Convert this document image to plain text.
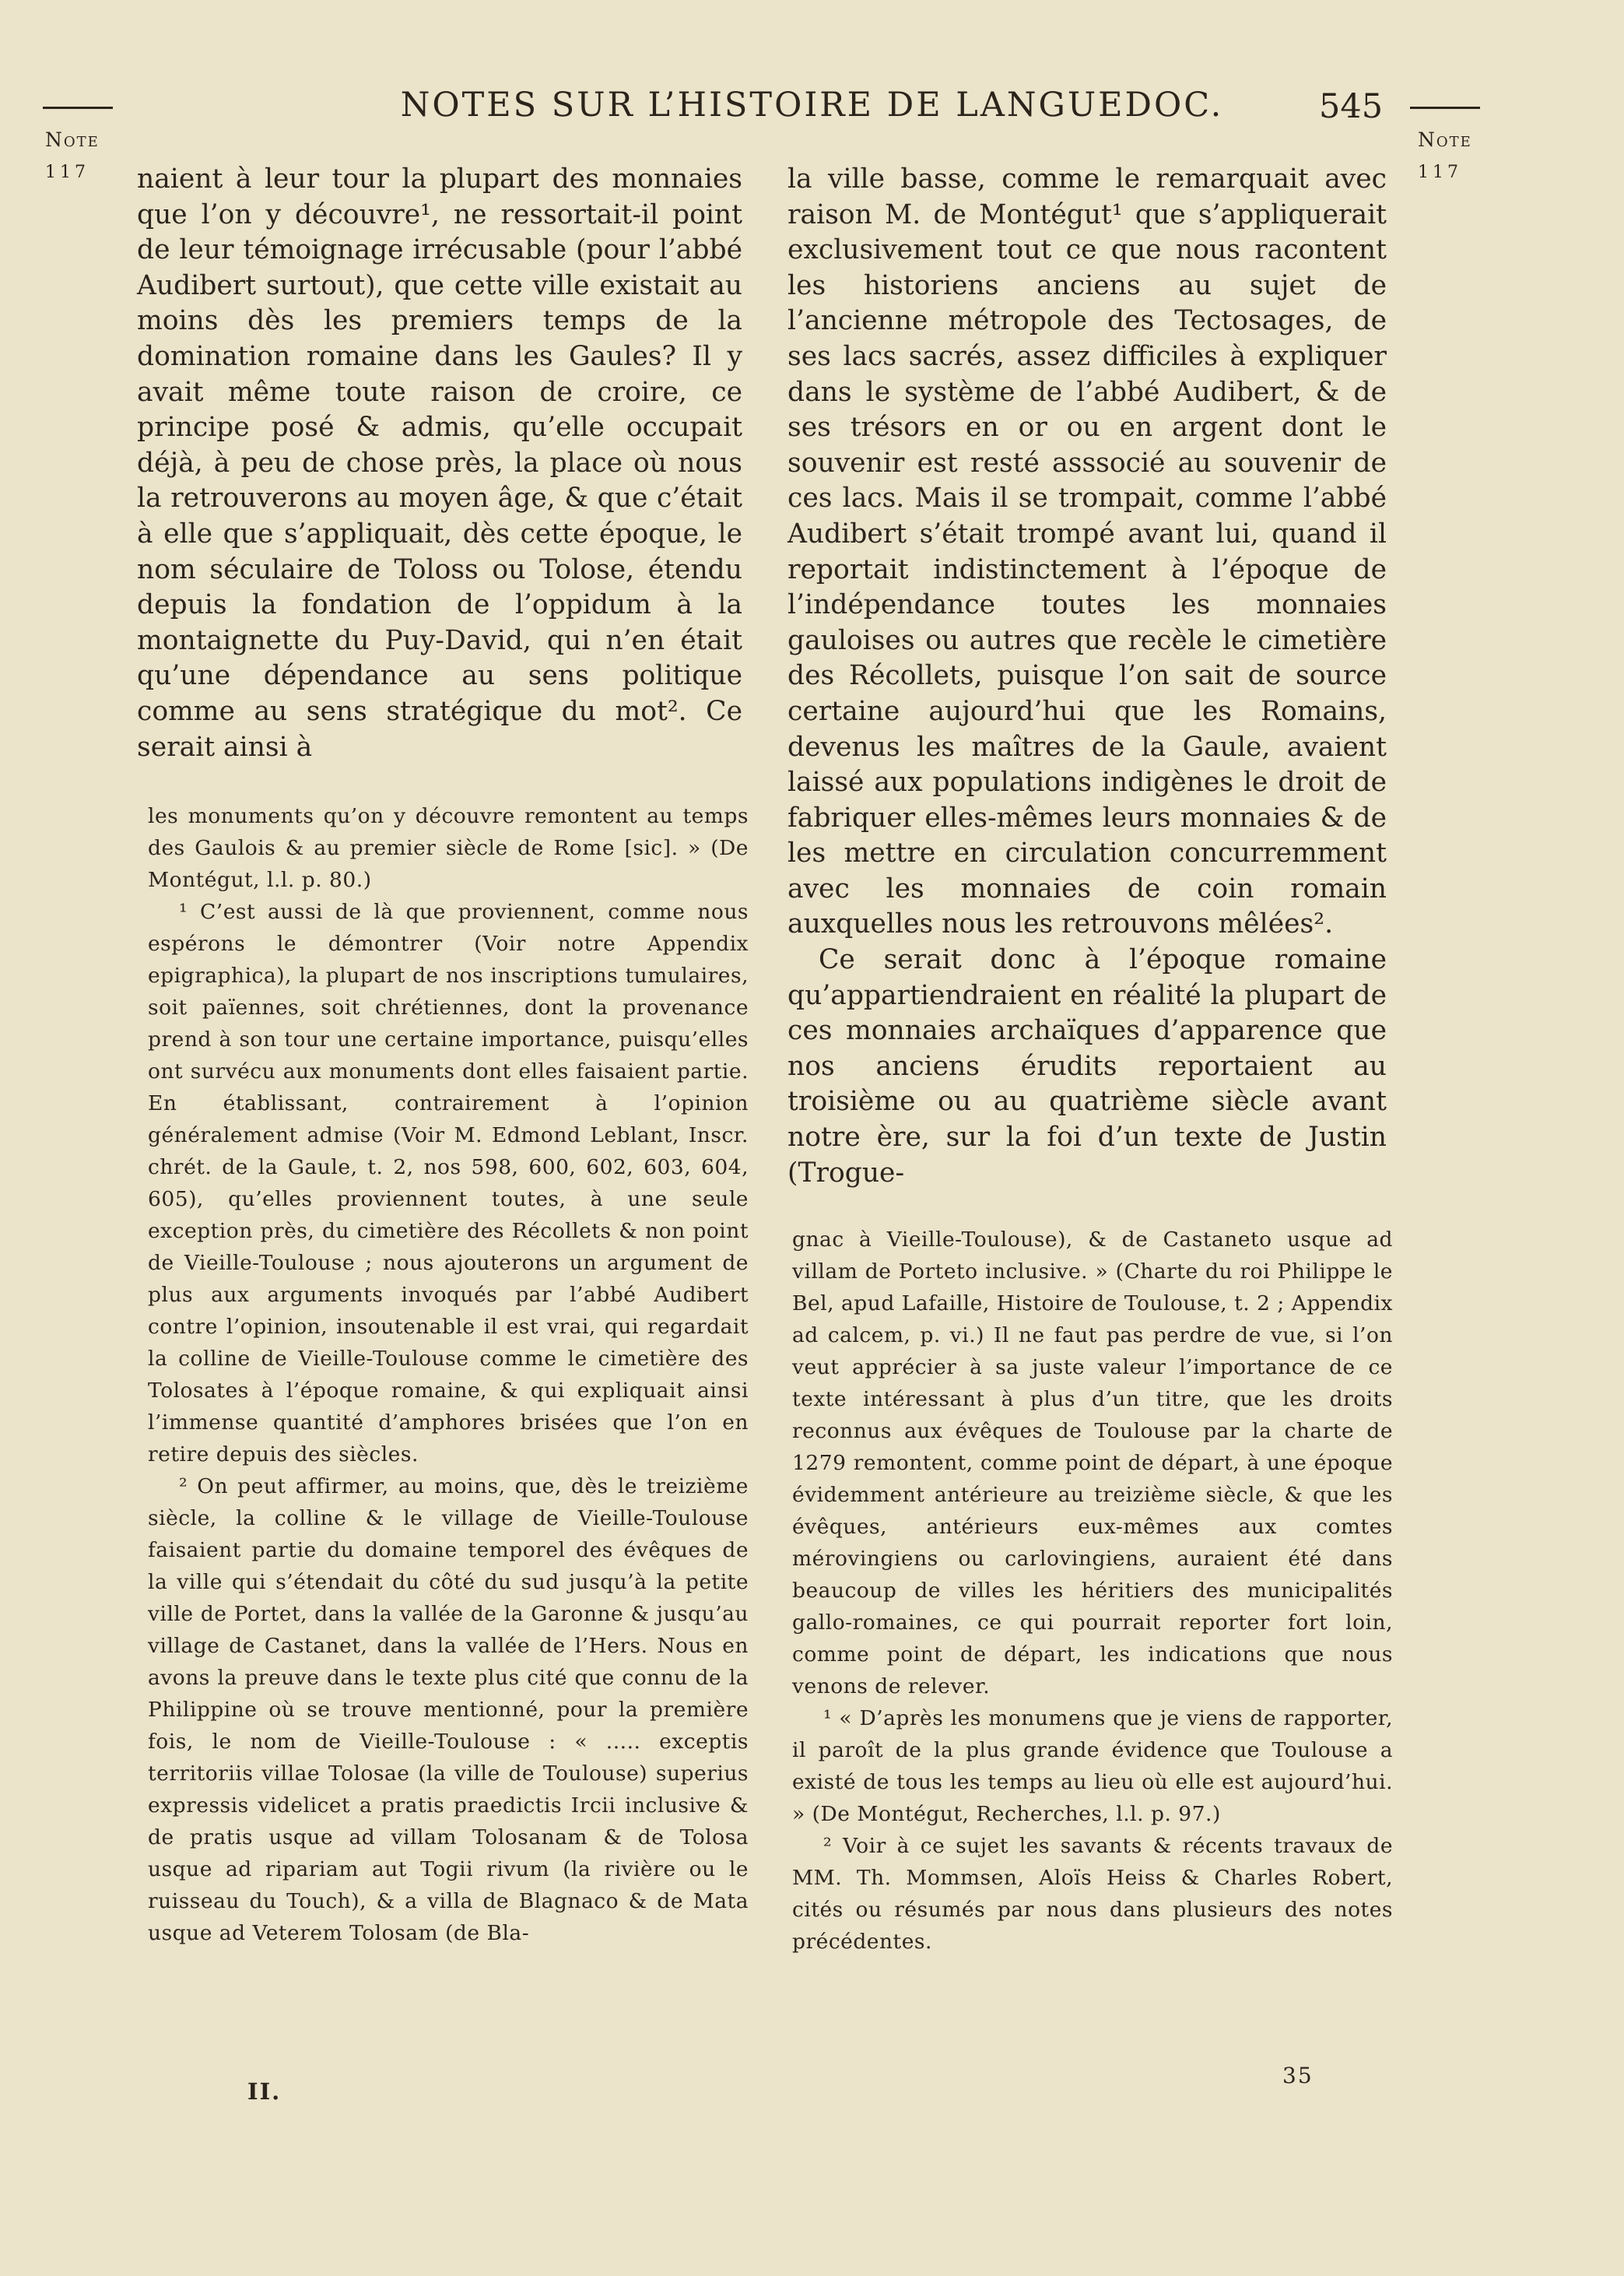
Note
117
Note
117
NOTES SUR L’HISTOIRE DE LANGUEDOC.	545

naient à leur tour la plupart des monnaies que l’on y découvre¹, ne ressortait-il point de leur témoignage irrécusable (pour l’abbé Audibert surtout), que cette ville existait au moins dès les premiers temps de la domination romaine dans les Gaules? Il y avait même toute raison de croire, ce principe posé & admis, qu’elle occupait déjà, à peu de chose près, la place où nous la retrouverons au moyen âge, & que c’était à elle que s’appliquait, dès cette époque, le nom séculaire de Toloss ou Tolose, étendu depuis la fondation de l’oppidum à la montaignette du Puy-David, qui n’en était qu’une dépendance au sens politique comme au sens stratégique du mot². Ce serait ainsi à

les monuments qu’on y découvre remontent au temps des Gaulois & au premier siècle de Rome [sic]. » (De Montégut, l.l. p. 80.)

¹ C’est aussi de là que proviennent, comme nous espérons le démontrer (Voir notre Appendix epigraphica), la plupart de nos inscriptions tumulaires, soit païennes, soit chrétiennes, dont la provenance prend à son tour une certaine importance, puisqu’elles ont survécu aux monuments dont elles faisaient partie. En établissant, contrairement à l’opinion généralement admise (Voir M. Edmond Leblant, Inscr. chrét. de la Gaule, t. 2, nos 598, 600, 602, 603, 604, 605), qu’elles proviennent toutes, à une seule exception près, du cimetière des Récollets & non point de Vieille-Toulouse ; nous ajouterons un argument de plus aux arguments invoqués par l’abbé Audibert contre l’opinion, insoutenable il est vrai, qui regardait la colline de Vieille-Toulouse comme le cimetière des Tolosates à l’époque romaine, & qui expliquait ainsi l’immense quantité d’amphores brisées que l’on en retire depuis des siècles.

² On peut affirmer, au moins, que, dès le treizième siècle, la colline & le village de Vieille-Toulouse faisaient partie du domaine temporel des évêques de la ville qui s’étendait du côté du sud jusqu’à la petite ville de Portet, dans la vallée de la Garonne & jusqu’au village de Castanet, dans la vallée de l’Hers. Nous en avons la preuve dans le texte plus cité que connu de la Philippine où se trouve mentionné, pour la première fois, le nom de Vieille-Toulouse : « ..... exceptis territoriis villae Tolosae (la ville de Toulouse) superius expressis videlicet a pratis praedictis Ircii inclusive & de pratis usque ad villam Tolosanam & de Tolosa usque ad ripariam aut Togii rivum (la rivière ou le ruisseau du Touch), & a villa de Blagnaco & de Mata usque ad Veterem Tolosam (de Bla-

la ville basse, comme le remarquait avec raison M. de Montégut¹ que s’appliquerait exclusivement tout ce que nous racontent les historiens anciens au sujet de l’ancienne métropole des Tectosages, de ses lacs sacrés, assez difficiles à expliquer dans le système de l’abbé Audibert, & de ses trésors en or ou en argent dont le souvenir est resté asssocié au souvenir de ces lacs. Mais il se trompait, comme l’abbé Audibert s’était trompé avant lui, quand il reportait indistinctement à l’époque de l’indépendance toutes les monnaies gauloises ou autres que recèle le cimetière des Récollets, puisque l’on sait de source certaine aujourd’hui que les Romains, devenus les maîtres de la Gaule, avaient laissé aux populations indigènes le droit de fabriquer elles-mêmes leurs monnaies & de les mettre en circulation concurremment avec les monnaies de coin romain auxquelles nous les retrouvons mêlées².

Ce serait donc à l’époque romaine qu’appartiendraient en réalité la plupart de ces monnaies archaïques d’apparence que nos anciens érudits reportaient au troisième ou au quatrième siècle avant notre ère, sur la foi d’un texte de Justin (Trogue-

gnac à Vieille-Toulouse), & de Castaneto usque ad villam de Porteto inclusive. » (Charte du roi Philippe le Bel, apud Lafaille, Histoire de Toulouse, t. 2 ; Appendix ad calcem, p. vi.) Il ne faut pas perdre de vue, si l’on veut apprécier à sa juste valeur l’importance de ce texte intéressant à plus d’un titre, que les droits reconnus aux évêques de Toulouse par la charte de 1279 remontent, comme point de départ, à une époque évidemment antérieure au treizième siècle, & que les évêques, antérieurs eux-mêmes aux comtes mérovingiens ou carlovingiens, auraient été dans beaucoup de villes les héritiers des municipalités gallo-romaines, ce qui pourrait reporter fort loin, comme point de départ, les indications que nous venons de relever.

¹ « D’après les monumens que je viens de rapporter, il paroît de la plus grande évidence que Toulouse a existé de tous les temps au lieu où elle est aujourd’hui. » (De Montégut, Recherches, l.l. p. 97.)

² Voir à ce sujet les savants & récents travaux de MM. Th. Mommsen, Aloïs Heiss & Charles Robert, cités ou résumés par nous dans plusieurs des notes précédentes.

II.
35
